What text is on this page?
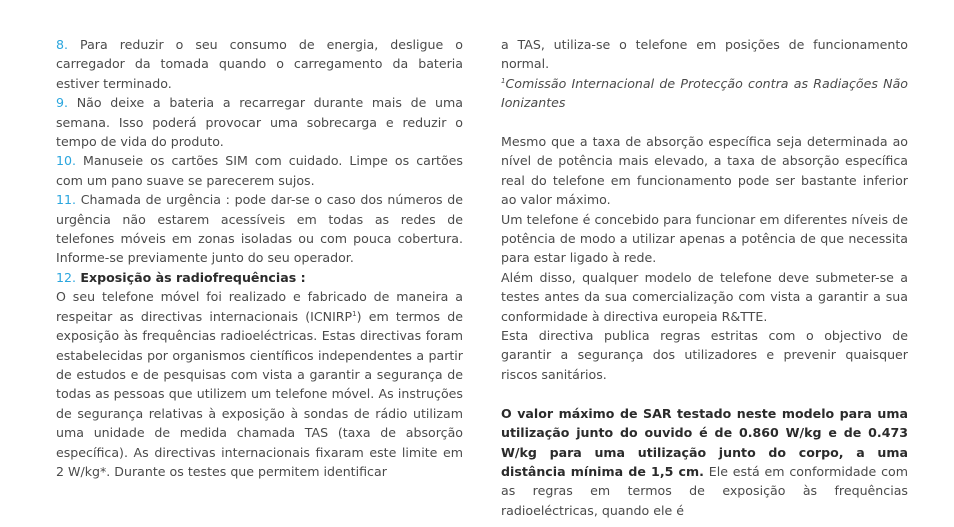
8. Para reduzir o seu consumo de energia, desligue o carregador da tomada quando o carregamento da bateria estiver terminado.

9. Não deixe a bateria a recarregar durante mais de uma semana. Isso poderá provocar uma sobrecarga e reduzir o tempo de vida do produto.

10. Manuseie os cartões SIM com cuidado. Limpe os cartões com um pano suave se parecerem sujos.

11. Chamada de urgência : pode dar-se o caso dos números de urgência não estarem acessíveis em todas as redes de telefones móveis em zonas isoladas ou com pouca cobertura. Informe-se previamente junto do seu operador.

12. Exposição às radiofrequências :

O seu telefone móvel foi realizado e fabricado de maneira a respeitar as directivas internacionais (ICNIRP$^1$) em termos de exposição às frequências radioeléctricas. Estas directivas foram estabelecidas por organismos científicos independentes a partir de estudos e de pesquisas com vista a garantir a segurança de todas as pessoas que utilizem um telefone móvel. As instruções de segurança relativas à exposição à sondas de rádio utilizam uma unidade de medida chamada TAS (taxa de absorção específica). As directivas internacionais fixaram este limite em 2 W/kg*. Durante os testes que permitem identificar

a TAS, utiliza-se o telefone em posições de funcionamento normal.

$^1$Comissão Internacional de Protecção contra as Radiações Não Ionizantes

Mesmo que a taxa de absorção específica seja determinada ao nível de potência mais elevado, a taxa de absorção específica real do telefone em funcionamento pode ser bastante inferior ao valor máximo.

Um telefone é concebido para funcionar em diferentes níveis de potência de modo a utilizar apenas a potência de que necessita para estar ligado à rede.

Além disso, qualquer modelo de telefone deve submeter-se a testes antes da sua comercialização com vista a garantir a sua conformidade à directiva europeia R&TTE.

Esta directiva publica regras estritas com o objectivo de garantir a segurança dos utilizadores e prevenir quaisquer riscos sanitários.

O valor máximo de SAR testado neste modelo para uma utilização junto do ouvido é de 0.860 W/kg e de 0.473 W/kg para uma utilização junto do corpo, a uma distância mínima de 1,5 cm. Ele está em conformidade com as regras em termos de exposição às frequências radioeléctricas, quando ele é
